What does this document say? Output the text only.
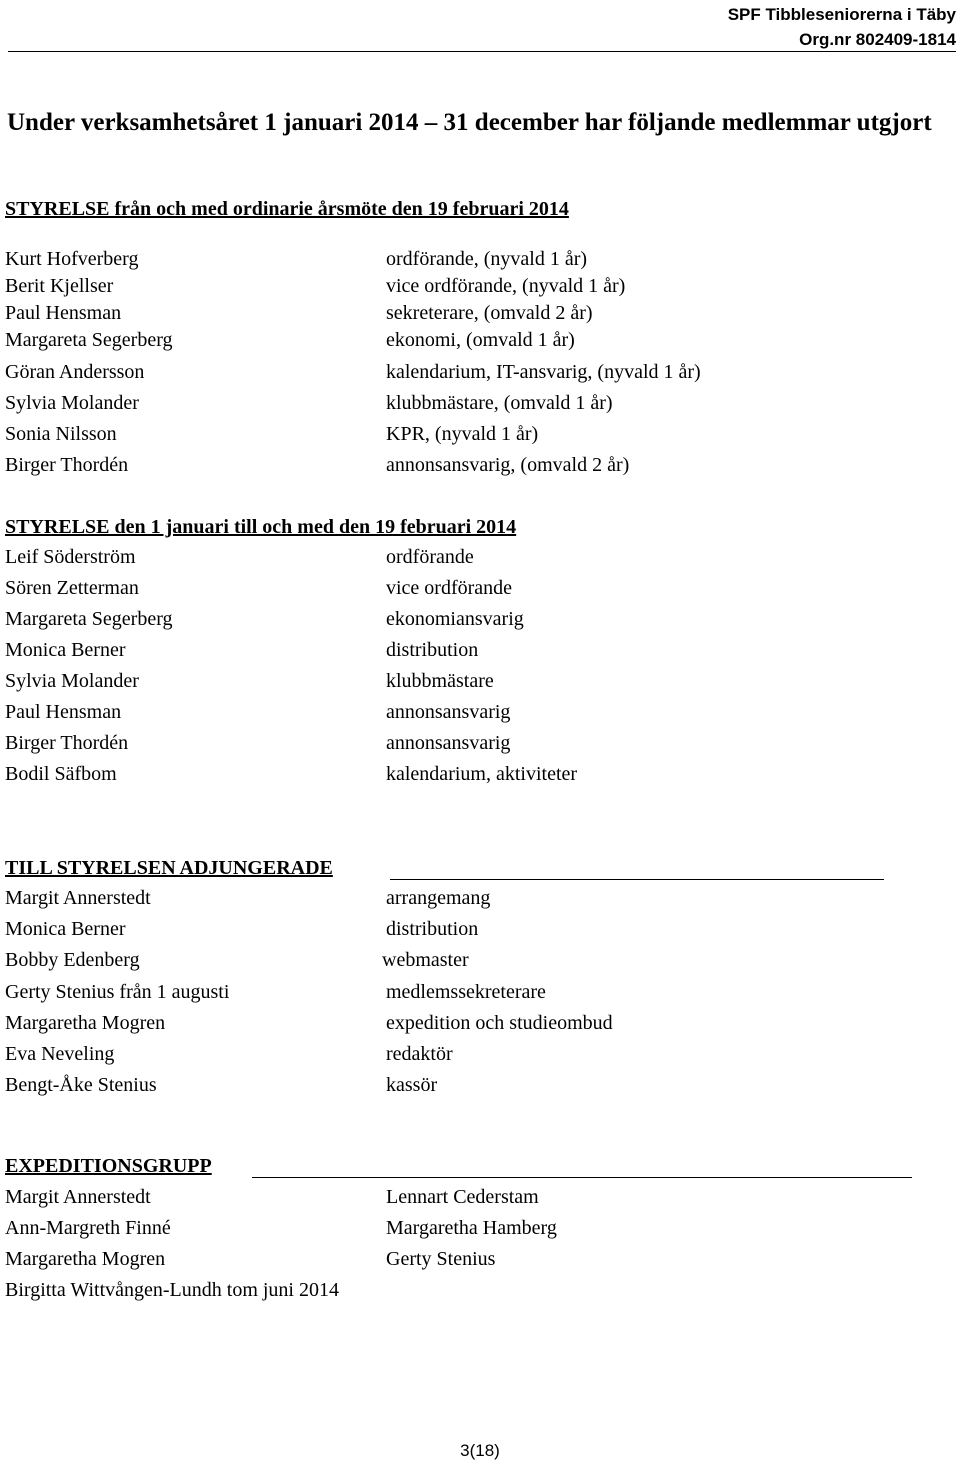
SPF Tibbleseniorerna i Täby
Org.nr 802409-1814
Under verksamhetsåret 1 januari 2014 – 31 december har följande medlemmar utgjort
STYRELSE från och med ordinarie årsmöte den 19 februari 2014
Kurt Hofverberg	ordförande, (nyvald 1 år)
Berit Kjellser	vice ordförande, (nyvald 1 år)
Paul Hensman	sekreterare, (omvald 2 år)
Margareta Segerberg	ekonomi, (omvald 1 år)
Göran Andersson	kalendarium, IT-ansvarig, (nyvald 1 år)
Sylvia Molander	klubbmästare, (omvald 1 år)
Sonia Nilsson	KPR, (nyvald 1 år)
Birger Thordén	annonsansvarig, (omvald 2 år)
STYRELSE den 1 januari till och med den 19 februari 2014
Leif Söderström	ordförande
Sören Zetterman	vice ordförande
Margareta Segerberg	ekonomiansvarig
Monica Berner	distribution
Sylvia Molander	klubbmästare
Paul Hensman	annonsansvarig
Birger Thordén	annonsansvarig
Bodil Säfbom	kalendarium, aktiviteter
TILL STYRELSEN ADJUNGERADE
Margit Annerstedt	arrangemang
Monica Berner	distribution
Bobby Edenberg	webmaster
Gerty Stenius från 1 augusti	medlemssekreterare
Margaretha Mogren	expedition och studieombud
Eva Neveling	redaktör
Bengt-Åke Stenius	kassör
EXPEDITIONSGRUPP
Margit Annerstedt	Lennart Cederstam
Ann-Margreth Finné	Margaretha Hamberg
Margaretha Mogren	Gerty Stenius
Birgitta Wittvången-Lundh tom juni 2014
3(18)
